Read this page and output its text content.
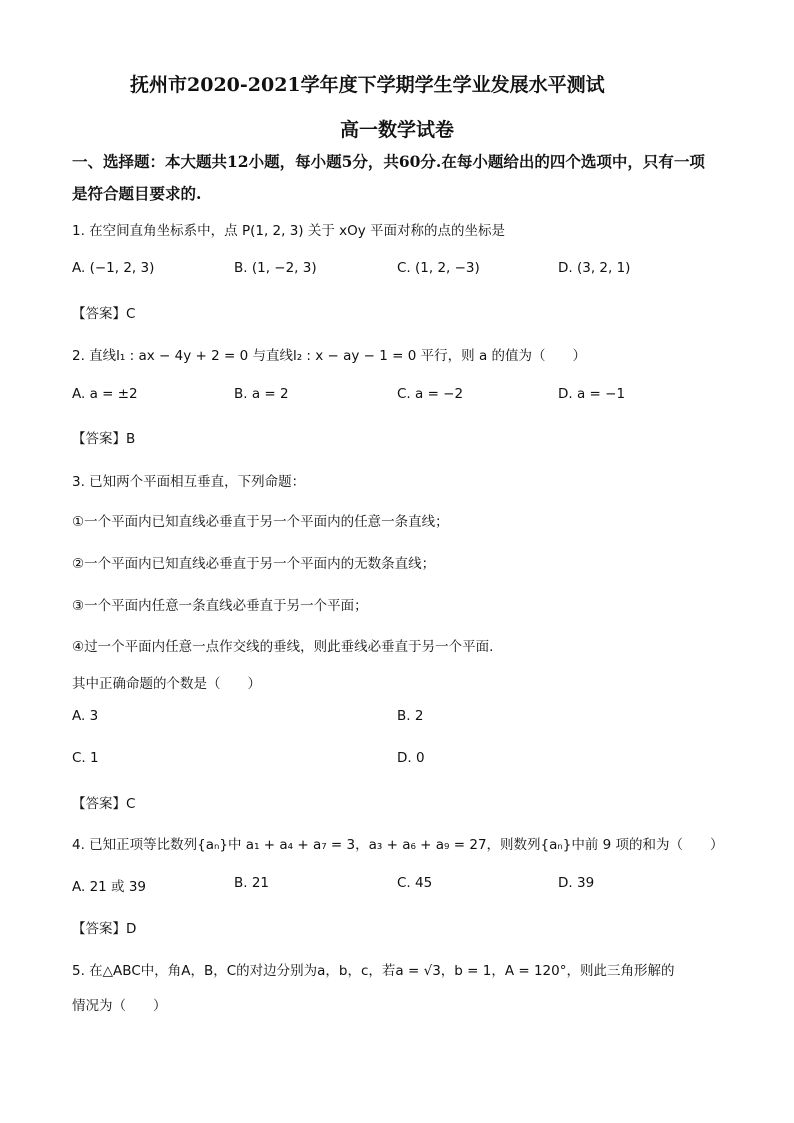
抚州市2020-2021学年度下学期学生学业发展水平测试
高一数学试卷
一、选择题：本大题共12小题，每小题5分，共60分.在每小题给出的四个选项中，只有一项
是符合题目要求的.
1. 在空间直角坐标系中，点 P(1, 2, 3) 关于 xOy 平面对称的点的坐标是
A. (−1, 2, 3)	B. (1, −2, 3)	C. (1, 2, −3)	D. (3, 2, 1)
【答案】C
2. 直线l₁ : ax − 4y + 2 = 0 与直线l₂ : x − ay − 1 = 0 平行，则 a 的值为（　　）
A. a = ±2	B. a = 2	C. a = −2	D. a = −1
【答案】B
3. 已知两个平面相互垂直，下列命题：
①一个平面内已知直线必垂直于另一个平面内的任意一条直线；
②一个平面内已知直线必垂直于另一个平面内的无数条直线；
③一个平面内任意一条直线必垂直于另一个平面；
④过一个平面内任意一点作交线的垂线，则此垂线必垂直于另一个平面.
其中正确命题的个数是（　　）
A. 3	B. 2
C. 1	D. 0
【答案】C
4. 已知正项等比数列{aₙ}中 a₁ + a₄ + a₇ = 3，a₃ + a₆ + a₉ = 27，则数列{aₙ}中前 9 项的和为（　　）
A. 21 或 39	B. 21	C. 45	D. 39
【答案】D
5. 在△ABC中，角A，B，C的对边分别为a，b，c，若a = √3，b = 1，A = 120°，则此三角形解的
情况为（　　）
